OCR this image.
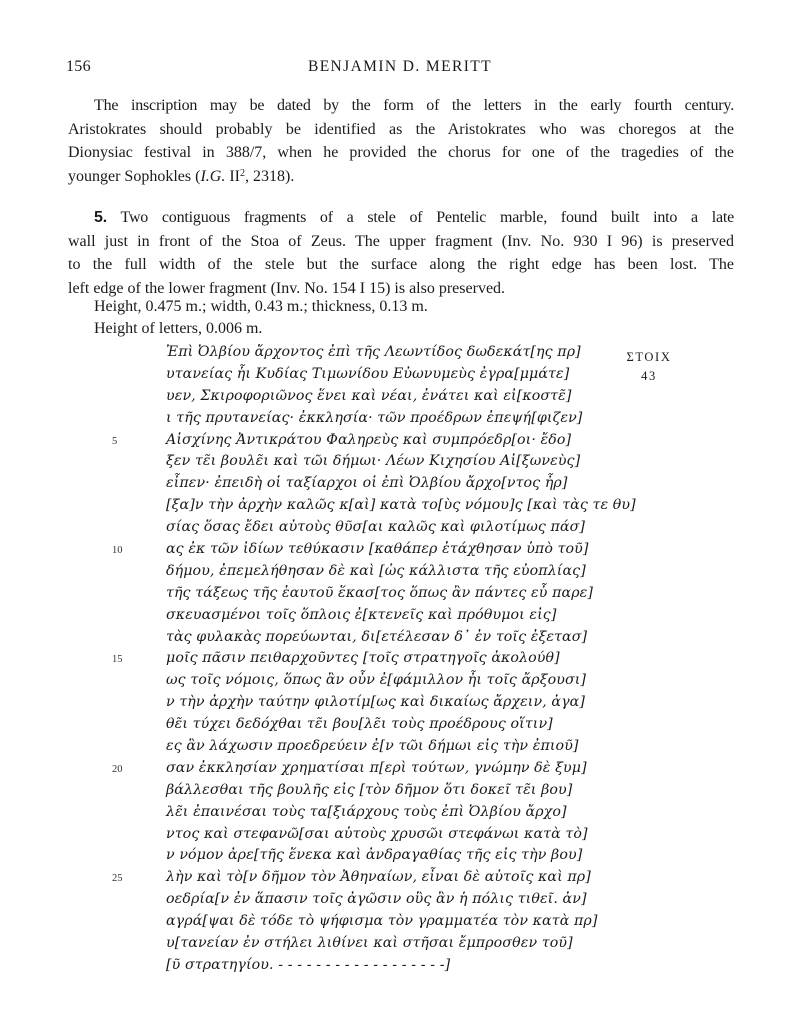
156	BENJAMIN D. MERITT
The inscription may be dated by the form of the letters in the early fourth century.
Aristokrates should probably be identified as the Aristokrates who was choregos at the
Dionysiac festival in 388/7, when he provided the chorus for one of the tragedies of the
younger Sophokles (I.G. $II^2$, 2318).
5. Two contiguous fragments of a stele of Pentelic marble, found built into a late
wall just in front of the Stoa of Zeus. The upper fragment (Inv. No. 930 I 96) is preserved
to the full width of the stele but the surface along the right edge has been lost. The
left edge of the lower fragment (Inv. No. 154 I 15) is also preserved.
Height, 0.475 m.; width, 0.43 m.; thickness, 0.13 m.
Height of letters, 0.006 m.
ΣTOIX
43
Ἐπὶ Ὀλβίου ἄρχοντος ἐπὶ τῆς Λεωντίδος δωδεκάτ[ης πρ]
υτανείας ἧι Κυδίας Τιμωνίδου Εὐωνυμεὺς ἐγρα[μμάτε]
υεν, Σκιροφοριῶνος ἕνει καὶ νέαι, ἐνάτει καὶ εἰ[κοστε̃]
ι τῆς πρυτανείας· ἐκκλησία· τῶν προέδρων ἐπεψή[φιζεν]
5	Αἰσχίνης Ἀντικράτου Φαληρεὺς καὶ συμπρόεδρ[οι· ἔδο]
ξεν τε̃ι βουλε̃ι καὶ τῶι δήμωι· Λέων Κιχησίου Αἰ[ξωνεὺς]
εἶπεν· ἐπειδὴ οἱ ταξίαρχοι οἱ ἐπὶ Ὀλβίου ἄρχο[ντος ἦρ]
[ξα]ν τὴν ἀρχὴν καλῶς κ[αὶ] κατὰ το[ὺς νόμου]ς [καὶ τὰς τε θυ]
σίας ὅσας ἔδει αὐτοὺς θῦσ[αι καλῶς καὶ φιλοτίμως πάσ]
10	ας ἐκ τῶν ἰδίων τεθύκασιν [καθάπερ ἐτάχθησαν ὑπὸ τοῦ]
δήμου, ἐπεμελήθησαν δὲ καὶ [ὡς κάλλιστα τῆς εὐοπλίας]
τῆς τάξεως τῆς ἑαυτοῦ ἕκασ[τος ὅπως ἂν πάντες εὖ παρε]
σκευασμένοι τοῖς ὅπλοις ἐ[κτενεῖς καὶ πρόθυμοι εἰς]
τὰς φυλακὰς πορεύωνται, δι[ετέλεσαν δ᾽ ἐν τοῖς ἐξετασ]
15	μοῖς πᾶσιν πειθαρχοῦντες [τοῖς στρατηγοῖς ἀκολούθ]
ως τοῖς νόμοις, ὅπως ἂν οὖν ἐ[φάμιλλον ἦι τοῖς ἄρξουσι]
ν τὴν ἀρχὴν ταύτην φιλοτίμ[ως καὶ δικαίως ἄρχειν, ἀγα]
θε̃ι τύχει δεδόχθαι τε̃ι βου[λε̃ι τοὺς προέδρους οἵτιν]
ες ἂν λάχωσιν προεδρεύειν ἐ[ν τῶι δήμωι εἰς τὴν ἐπιοῦ]
20	σαν ἐκκλησίαν χρηματίσαι π[ερὶ τούτων, γνώμην δὲ ξυμ]
βάλλεσθαι τῆς βουλῆς εἰς [τὸν δῆμον ὅτι δοκεῖ τε̃ι βου]
λε̃ι ἐπαινέσαι τοὺς τα[ξιάρχους τοὺς ἐπὶ Ὀλβίου ἄρχο]
ντος καὶ στεφανῶ[σαι αὐτοὺς χρυσῶι στεφάνωι κατὰ τὸ]
ν νόμον ἀρε[τῆς ἕνεκα καὶ ἀνδραγαθίας τῆς εἰς τὴν βου]
25	λὴν καὶ τὸ[ν δῆμον τὸν Ἀθηναίων, εἶναι δὲ αὐτοῖς καὶ πρ]
οεδρία[ν ἐν ἅπασιν τοῖς ἀγῶσιν οὓς ἂν ἡ πόλις τιθεῖ. ἀν]
αγρά[ψαι δὲ τόδε τὸ ψήφισμα τὸν γραμματέα τὸν κατὰ πρ]
υ[τανείαν ἐν στήλει λιθίνει καὶ στῆσαι ἔμπροσθεν τοῦ]
[ῦ στρατηγίου. - - - - - - - - - - - - - - - - - -]
